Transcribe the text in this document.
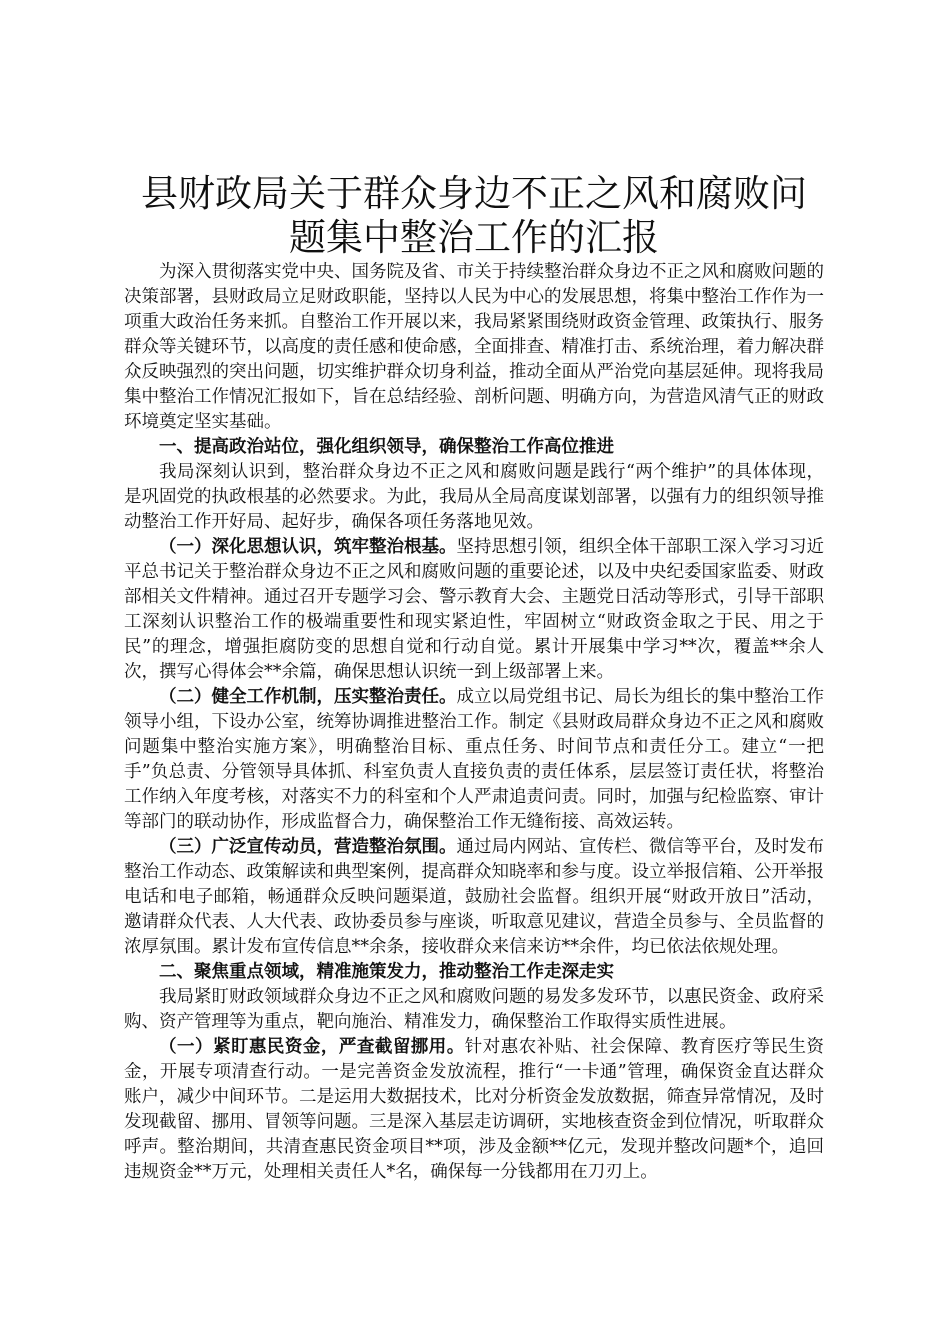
县财政局关于群众身边不正之风和腐败问题集中整治工作的汇报

为深入贯彻落实党中央、国务院及省、市关于持续整治群众身边不正之风和腐败问题的决策部署，县财政局立足财政职能，坚持以人民为中心的发展思想，将集中整治工作作为一项重大政治任务来抓。自整治工作开展以来，我局紧紧围绕财政资金管理、政策执行、服务群众等关键环节，以高度的责任感和使命感，全面排查、精准打击、系统治理，着力解决群众反映强烈的突出问题，切实维护群众切身利益，推动全面从严治党向基层延伸。现将我局集中整治工作情况汇报如下，旨在总结经验、剖析问题、明确方向，为营造风清气正的财政环境奠定坚实基础。

一、提高政治站位，强化组织领导，确保整治工作高位推进

我局深刻认识到，整治群众身边不正之风和腐败问题是践行“两个维护”的具体体现，是巩固党的执政根基的必然要求。为此，我局从全局高度谋划部署，以强有力的组织领导推动整治工作开好局、起好步，确保各项任务落地见效。

（一）深化思想认识，筑牢整治根基。坚持思想引领，组织全体干部职工深入学习习近平总书记关于整治群众身边不正之风和腐败问题的重要论述，以及中央纪委国家监委、财政部相关文件精神。通过召开专题学习会、警示教育大会、主题党日活动等形式，引导干部职工深刻认识整治工作的极端重要性和现实紧迫性，牢固树立“财政资金取之于民、用之于民”的理念，增强拒腐防变的思想自觉和行动自觉。累计开展集中学习**次，覆盖**余人次，撰写心得体会**余篇，确保思想认识统一到上级部署上来。

（二）健全工作机制，压实整治责任。成立以局党组书记、局长为组长的集中整治工作领导小组，下设办公室，统筹协调推进整治工作。制定《县财政局群众身边不正之风和腐败问题集中整治实施方案》，明确整治目标、重点任务、时间节点和责任分工。建立“一把手”负总责、分管领导具体抓、科室负责人直接负责的责任体系，层层签订责任状，将整治工作纳入年度考核，对落实不力的科室和个人严肃追责问责。同时，加强与纪检监察、审计等部门的联动协作，形成监督合力，确保整治工作无缝衔接、高效运转。

（三）广泛宣传动员，营造整治氛围。通过局内网站、宣传栏、微信等平台，及时发布整治工作动态、政策解读和典型案例，提高群众知晓率和参与度。设立举报信箱、公开举报电话和电子邮箱，畅通群众反映问题渠道，鼓励社会监督。组织开展“财政开放日”活动，邀请群众代表、人大代表、政协委员参与座谈，听取意见建议，营造全员参与、全员监督的浓厚氛围。累计发布宣传信息**余条，接收群众来信来访**余件，均已依法依规处理。

二、聚焦重点领域，精准施策发力，推动整治工作走深走实

我局紧盯财政领域群众身边不正之风和腐败问题的易发多发环节，以惠民资金、政府采购、资产管理等为重点，靶向施治、精准发力，确保整治工作取得实质性进展。

（一）紧盯惠民资金，严查截留挪用。针对惠农补贴、社会保障、教育医疗等民生资金，开展专项清查行动。一是完善资金发放流程，推行“一卡通”管理，确保资金直达群众账户，减少中间环节。二是运用大数据技术，比对分析资金发放数据，筛查异常情况，及时发现截留、挪用、冒领等问题。三是深入基层走访调研，实地核查资金到位情况，听取群众呼声。整治期间，共清查惠民资金项目**项，涉及金额**亿元，发现并整改问题*个，追回违规资金**万元，处理相关责任人*名，确保每一分钱都用在刀刃上。
